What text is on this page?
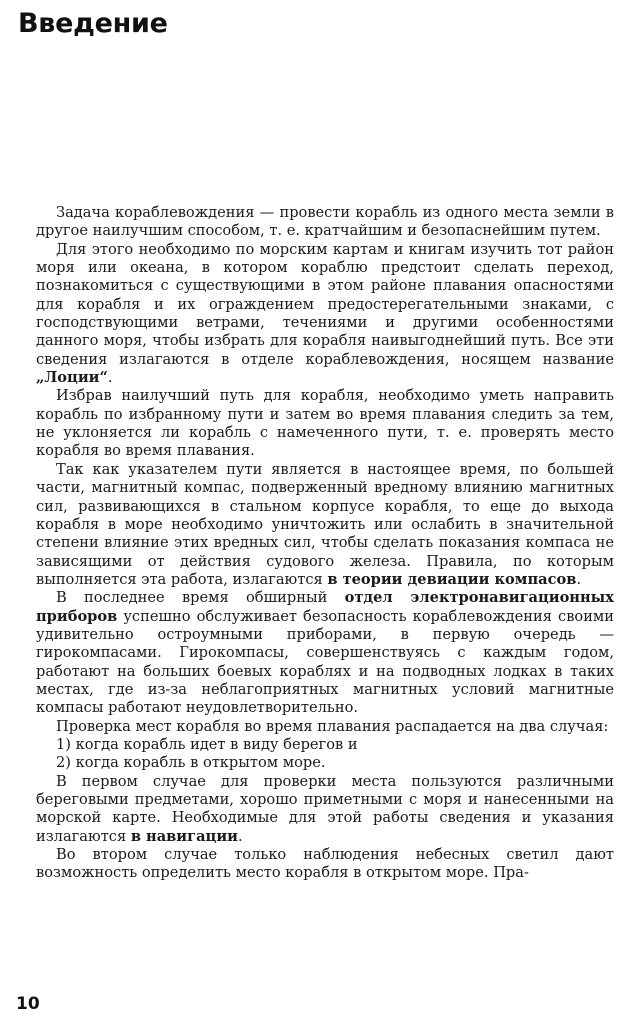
Введение

Задача кораблевождения — провести корабль из одного места земли в другое наилучшим способом, т. е. кратчайшим и безопаснейшим путем.

Для этого необходимо по морским картам и книгам изучить тот район моря или океана, в котором кораблю предстоит сделать переход, познакомиться с существующими в этом районе плавания опасностями для корабля и их ограждением предостерегательными знаками, с господствующими ветрами, течениями и другими особенностями данного моря, чтобы избрать для корабля наивыгоднейший путь. Все эти сведения излагаются в отделе кораблевождения, носящем название „Лоции“.

Избрав наилучший путь для корабля, необходимо уметь направить корабль по избранному пути и затем во время плавания следить за тем, не уклоняется ли корабль с намеченного пути, т. е. проверять место корабля во время плавания.

Так как указателем пути является в настоящее время, по большей части, магнитный компас, подверженный вредному влиянию магнитных сил, развивающихся в стальном корпусе корабля, то еще до выхода корабля в море необходимо уничтожить или ослабить в значительной степени влияние этих вредных сил, чтобы сделать показания компаса не зависящими от действия судового железа. Правила, по которым выполняется эта работа, излагаются в теории девиации компасов.

В последнее время обширный отдел электронавигационных приборов успешно обслуживает безопасность кораблевождения своими удивительно остроумными приборами, в первую очередь — гирокомпасами. Гирокомпасы, совершенствуясь с каждым годом, работают на больших боевых кораблях и на подводных лодках в таких местах, где из-за неблагоприятных магнитных условий магнитные компасы работают неудовлетворительно.

Проверка мест корабля во время плавания распадается на два случая:

1) когда корабль идет в виду берегов и

2) когда корабль в открытом море.

В первом случае для проверки места пользуются различными береговыми предметами, хорошо приметными с моря и нанесенными на морской карте. Необходимые для этой работы сведения и указания излагаются в навигации.

Во втором случае только наблюдения небесных светил дают возможность определить место корабля в открытом море. Пра-

10
